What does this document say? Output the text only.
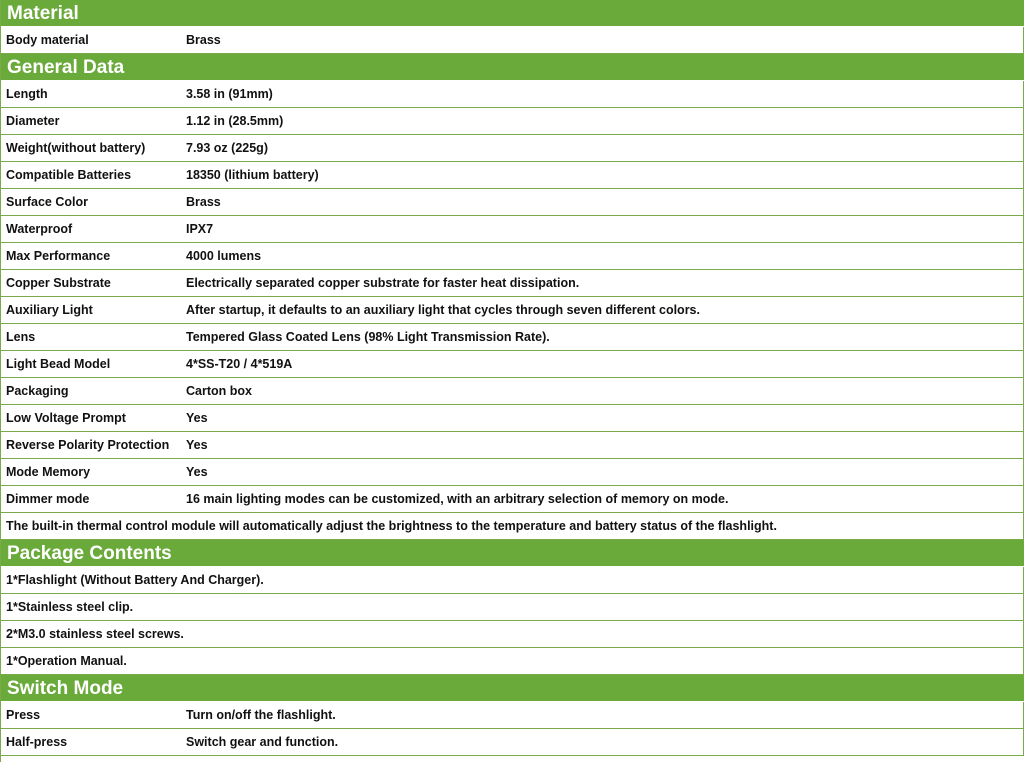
Material
Body material	Brass
General Data
Length	3.58 in (91mm)
Diameter	1.12 in (28.5mm)
Weight(without battery)	7.93 oz (225g)
Compatible Batteries	18350 (lithium battery)
Surface Color	Brass
Waterproof	IPX7
Max Performance	4000 lumens
Copper Substrate	Electrically separated copper substrate for faster heat dissipation.
Auxiliary Light	After startup, it defaults to an auxiliary light that cycles through seven different colors.
Lens	Tempered Glass Coated Lens (98% Light Transmission Rate).
Light Bead Model	4*SS-T20 / 4*519A
Packaging	Carton box
Low Voltage Prompt	Yes
Reverse Polarity Protection	Yes
Mode Memory	Yes
Dimmer mode	16 main lighting modes can be customized, with an arbitrary selection of memory on mode.
The built-in thermal control module will automatically adjust the brightness to the temperature and battery status of the flashlight.
Package Contents
1*Flashlight (Without Battery And Charger).
1*Stainless steel clip.
2*M3.0 stainless steel screws.
1*Operation Manual.
Switch Mode
Press	Turn on/off the flashlight.
Half-press	Switch gear and function.
